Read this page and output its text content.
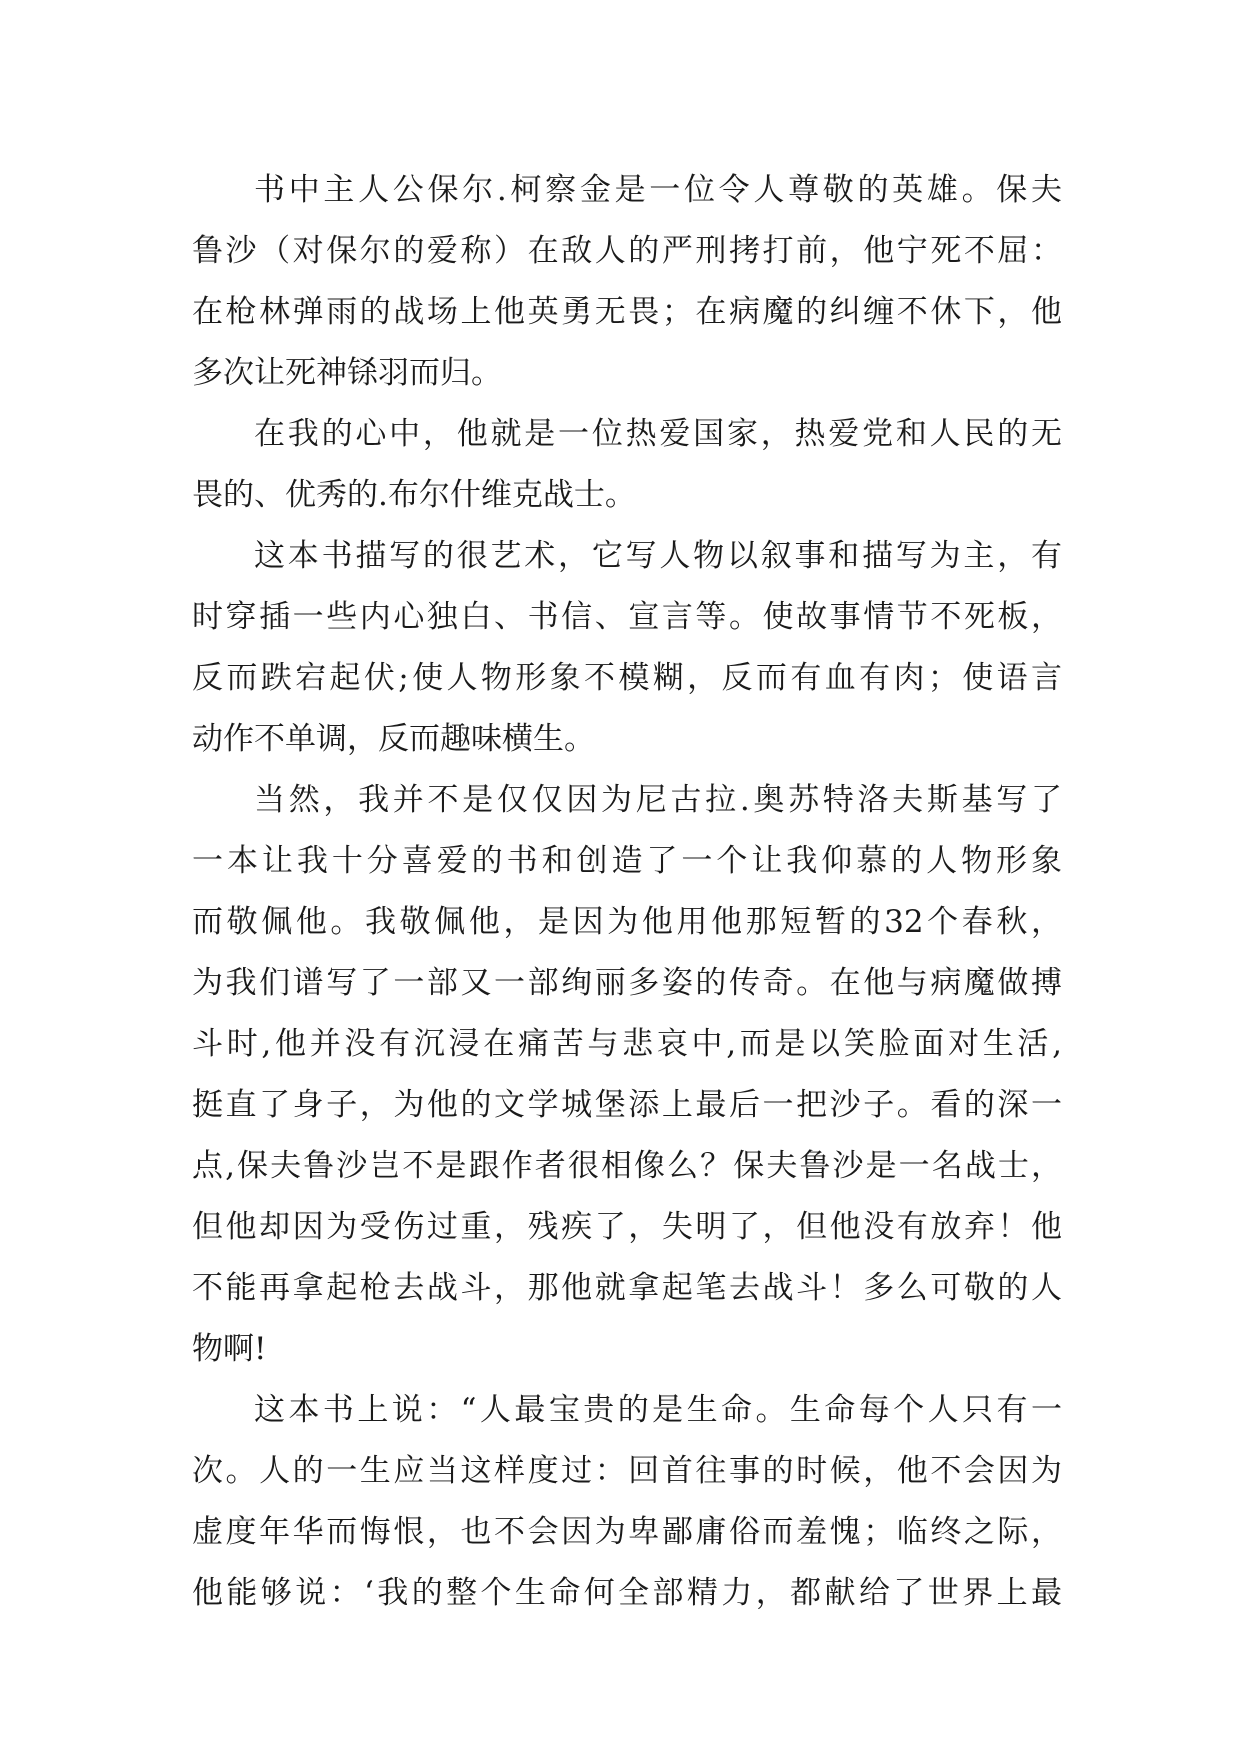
书中主人公保尔.柯察金是一位令人尊敬的英雄。保夫
鲁沙（对保尔的爱称）在敌人的严刑拷打前，他宁死不屈：
在枪林弹雨的战场上他英勇无畏；在病魔的纠缠不休下，他
多次让死神铩羽而归。
在我的心中，他就是一位热爱国家，热爱党和人民的无
畏的、优秀的.布尔什维克战士。
这本书描写的很艺术，它写人物以叙事和描写为主，有
时穿插一些内心独白、书信、宣言等。使故事情节不死板，
反而跌宕起伏;使人物形象不模糊，反而有血有肉；使语言
动作不单调，反而趣味横生。
当然，我并不是仅仅因为尼古拉.奥苏特洛夫斯基写了
一本让我十分喜爱的书和创造了一个让我仰慕的人物形象
而敬佩他。我敬佩他，是因为他用他那短暂的32个春秋，
为我们谱写了一部又一部绚丽多姿的传奇。在他与病魔做搏
斗时,他并没有沉浸在痛苦与悲哀中,而是以笑脸面对生活,
挺直了身子，为他的文学城堡添上最后一把沙子。看的深一
点,保夫鲁沙岂不是跟作者很相像么？保夫鲁沙是一名战士，
但他却因为受伤过重，残疾了，失明了，但他没有放弃！他
不能再拿起枪去战斗，那他就拿起笔去战斗！多么可敬的人
物啊!
这本书上说：“人最宝贵的是生命。生命每个人只有一
次。人的一生应当这样度过：回首往事的时候，他不会因为
虚度年华而悔恨，也不会因为卑鄙庸俗而羞愧；临终之际，
他能够说：‘我的整个生命何全部精力，都献给了世界上最
